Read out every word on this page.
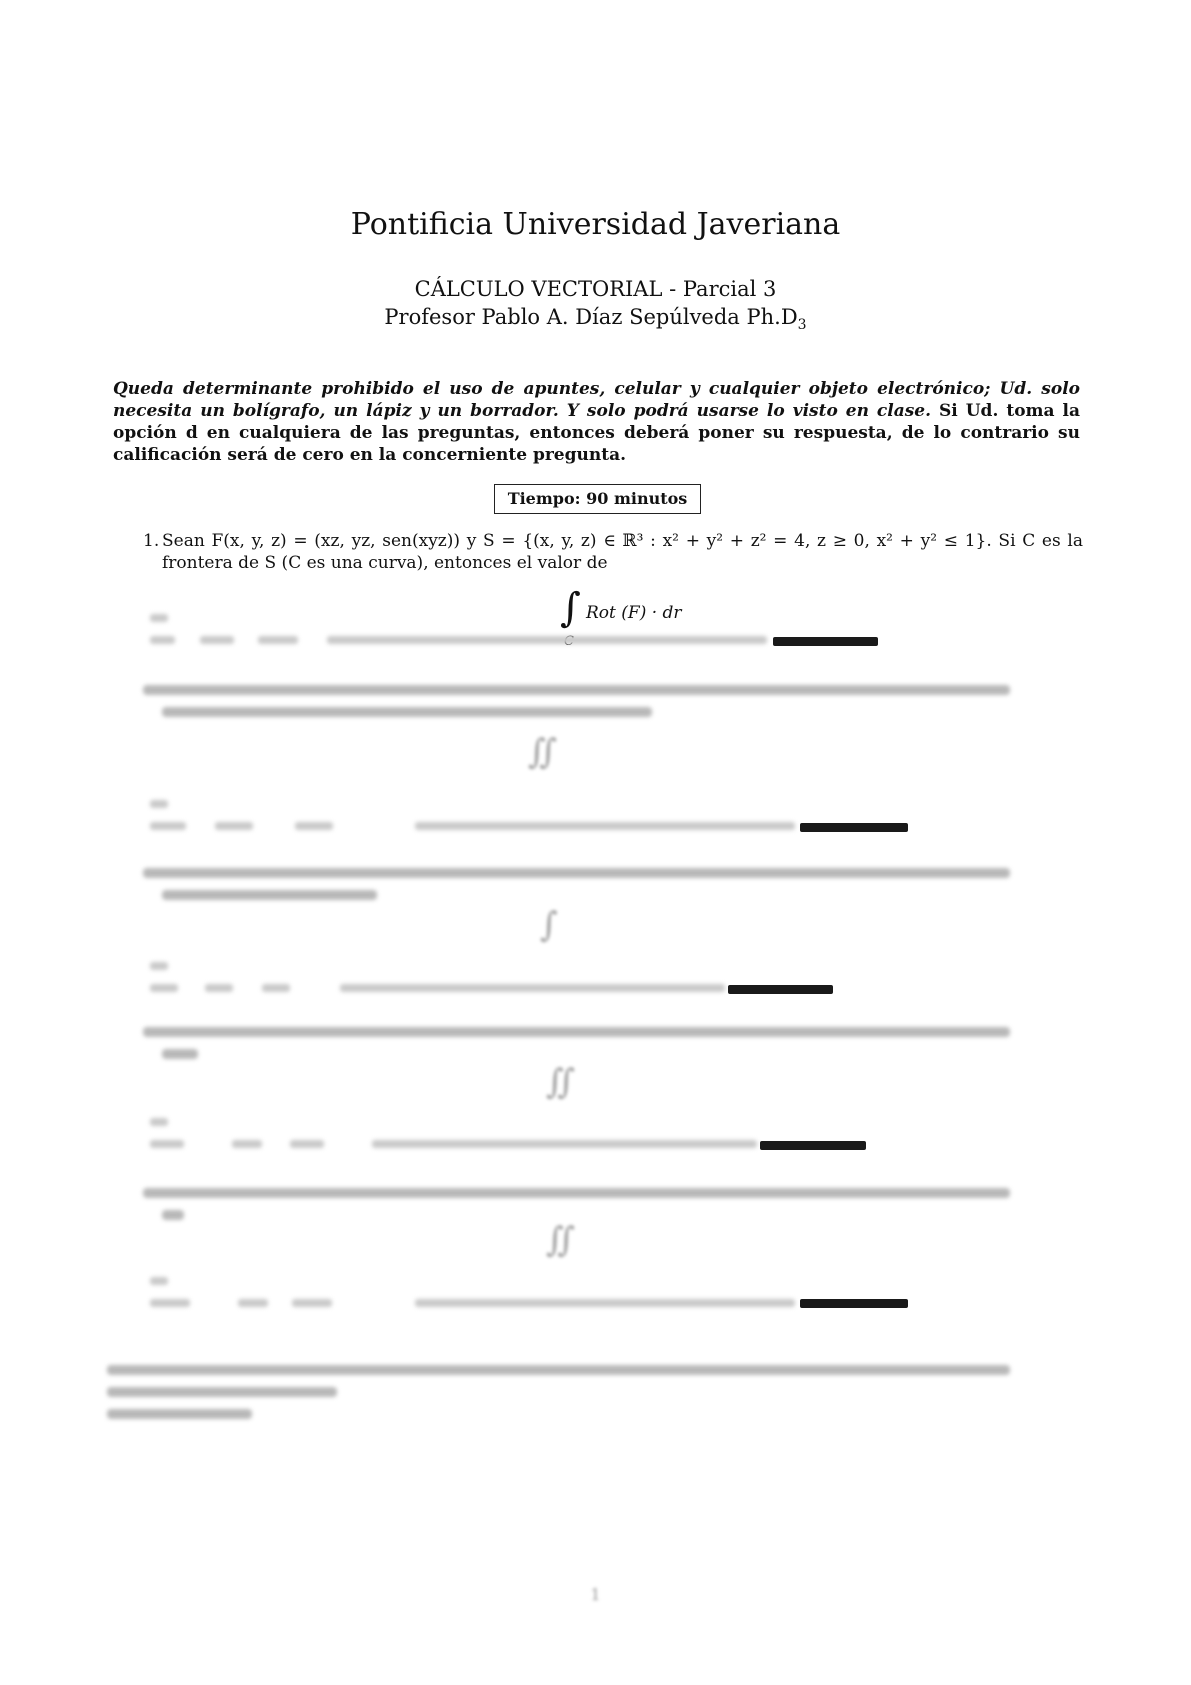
Pontificia Universidad Javeriana
CÁLCULO VECTORIAL - Parcial 3
Profesor Pablo A. Díaz Sepúlveda $Ph.D_3$
Queda determinante prohibido el uso de apuntes, celular y cualquier objeto electrónico; Ud. solo necesita un bolígrafo, un lápiz y un borrador. Y solo podrá usarse lo visto en clase. Si Ud. toma la opción d en cualquiera de las preguntas, entonces deberá poner su respuesta, de lo contrario su calificación será de cero en la concerniente pregunta.
Tiempo: 90 minutos
1. Sean F(x, y, z) = (xz, yz, sen(xyz)) y S = {(x, y, z) ∈ ℝ³ : x² + y² + z² = 4, z ≥ 0, x² + y² ≤ 1}. Si C es la frontera de S (C es una curva), entonces el valor de
∫ Rot (F) · dr
∬
∫
∬
∬
1
